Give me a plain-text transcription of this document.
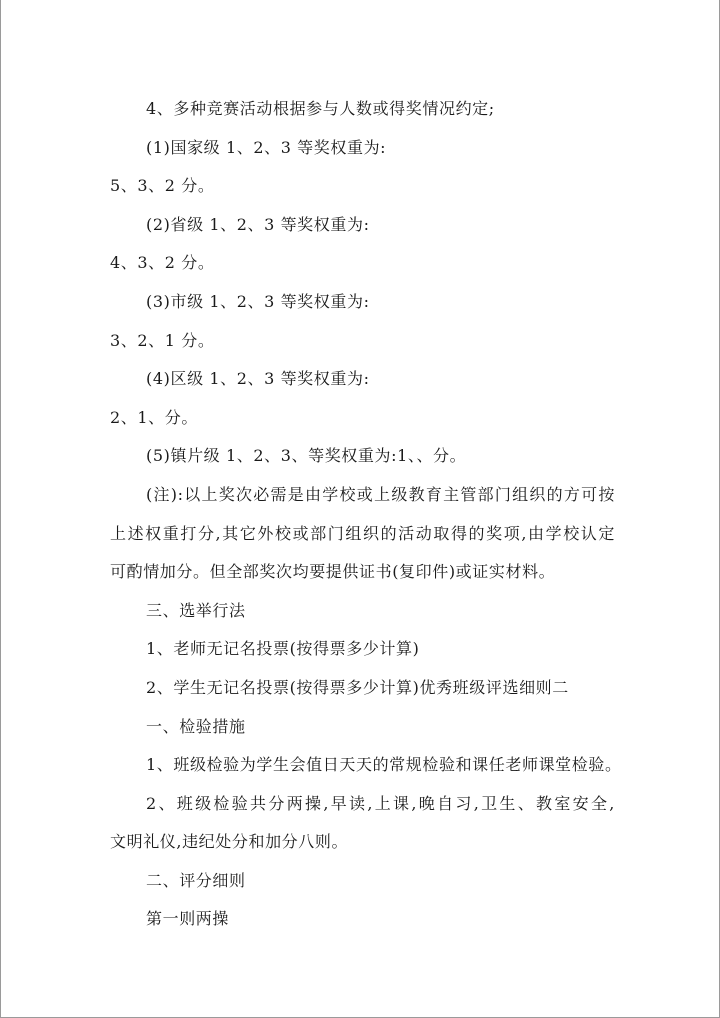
4、多种竞赛活动根据参与人数或得奖情况约定;
(1)国家级 1、2、3 等奖权重为:
5、3、2 分。
(2)省级 1、2、3 等奖权重为:
4、3、2 分。
(3)市级 1、2、3 等奖权重为:
3、2、1 分。
(4)区级 1、2、3 等奖权重为:
2、1、分。
(5)镇片级 1、2、3、等奖权重为:1、、分。
(注):以上奖次必需是由学校或上级教育主管部门组织的方可按
上述权重打分,其它外校或部门组织的活动取得的奖项,由学校认定
可酌情加分。但全部奖次均要提供证书(复印件)或证实材料。
三、选举行法
1、老师无记名投票(按得票多少计算)
2、学生无记名投票(按得票多少计算)优秀班级评选细则二
一、检验措施
1、班级检验为学生会值日天天的常规检验和课任老师课堂检验。
2、班级检验共分两操,早读,上课,晚自习,卫生、教室安全,
文明礼仪,违纪处分和加分八则。
二、评分细则
第一则两操
